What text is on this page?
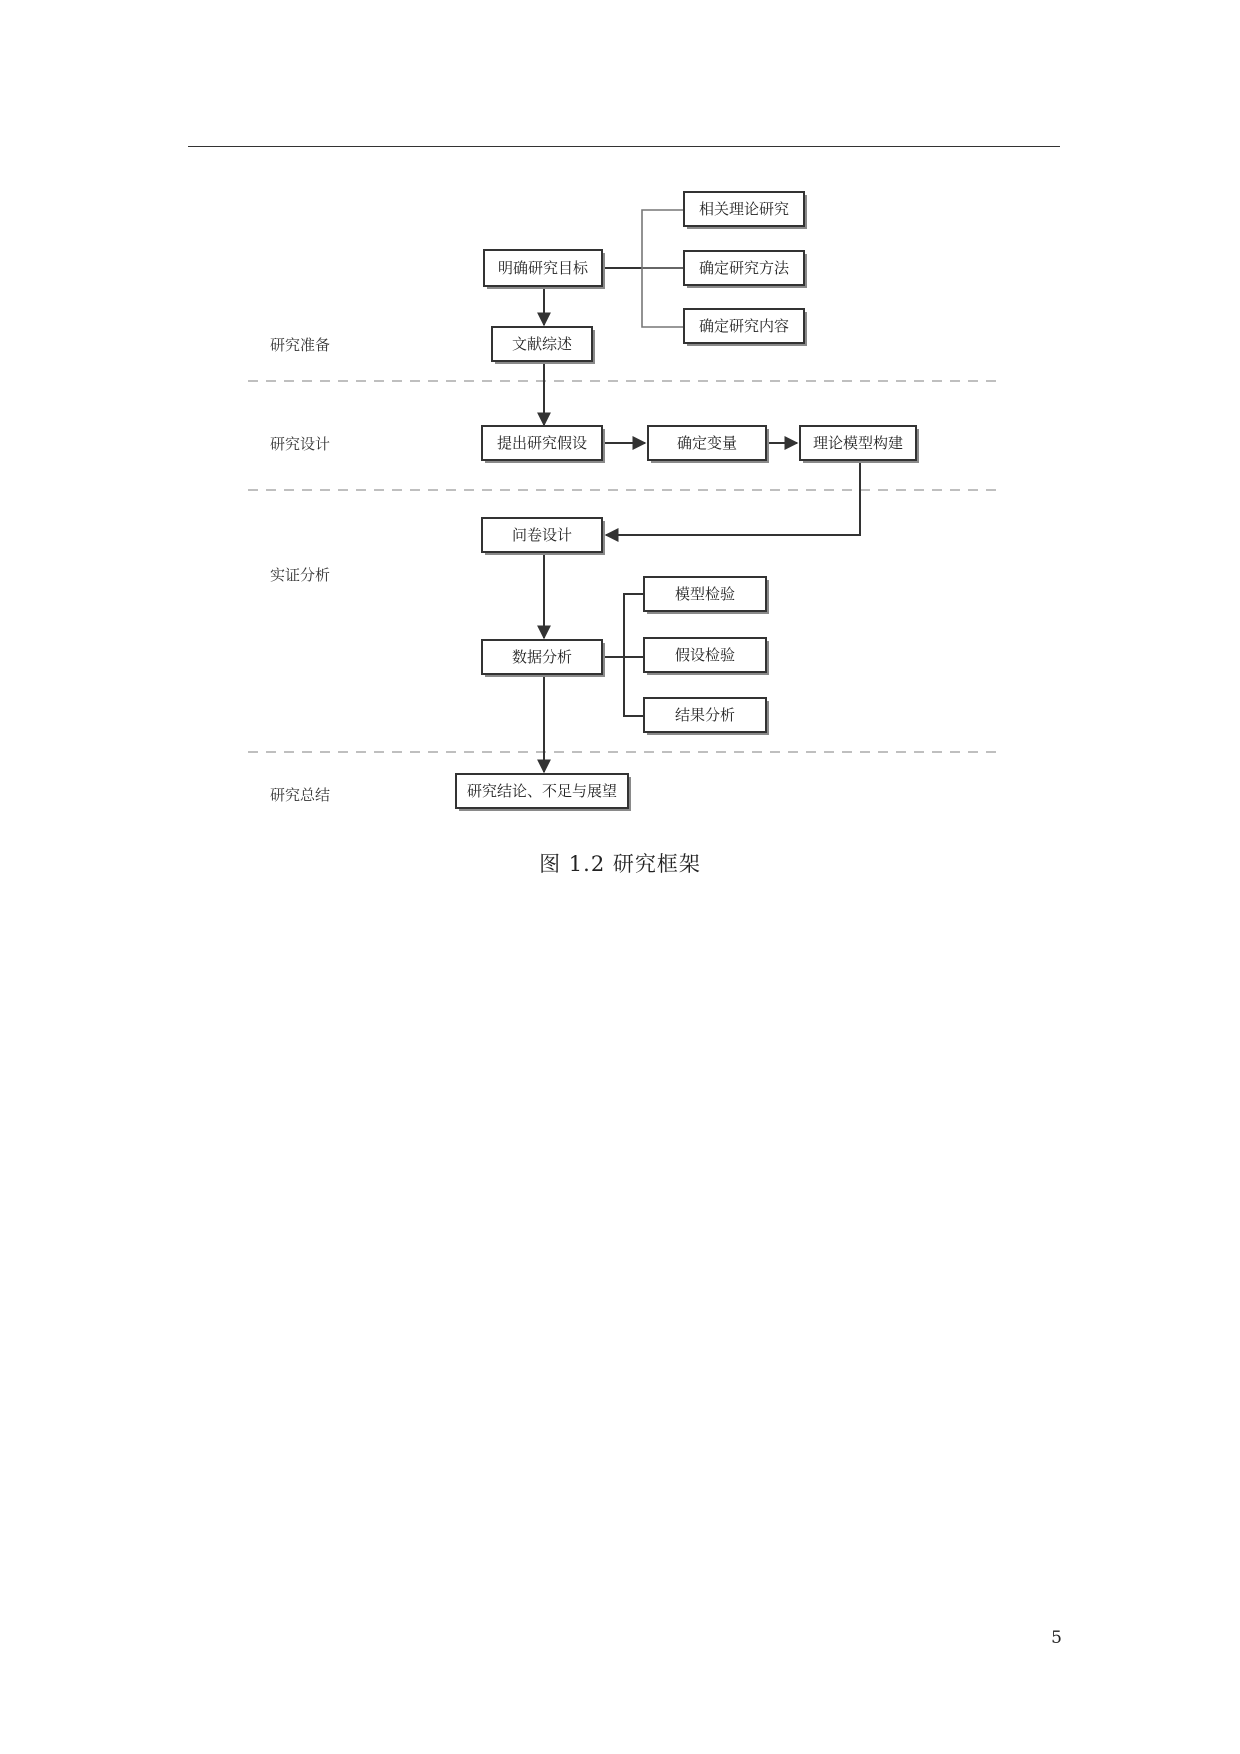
研究准备
研究设计
实证分析
研究总结
明确研究目标
相关理论研究
确定研究方法
确定研究内容
文献综述
提出研究假设	确定变量	理论模型构建
问卷设计
数据分析
模型检验
假设检验
结果分析
研究结论、不足与展望
图 1.2 研究框架
5
